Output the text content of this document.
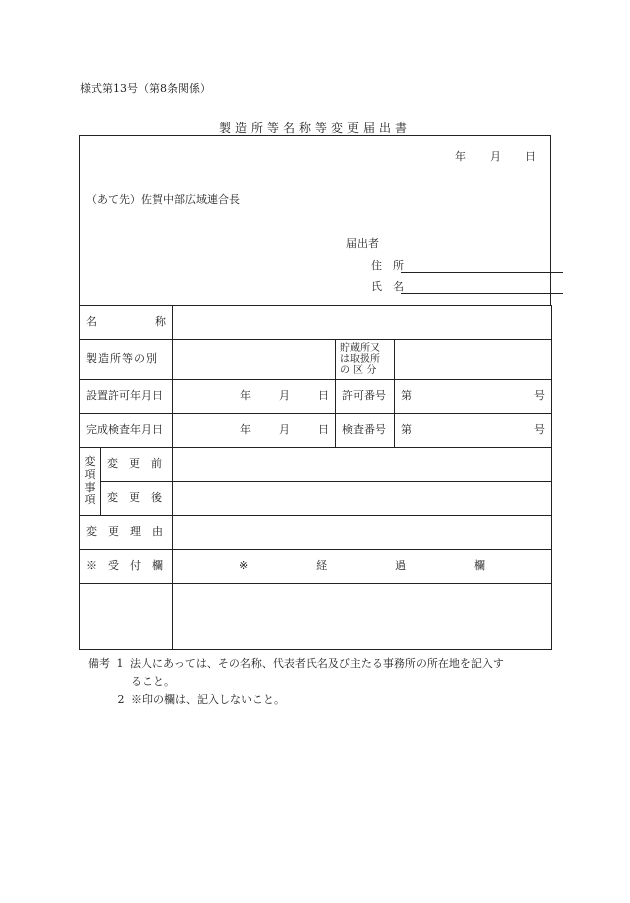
様式第13号（第8条関係）
製造所等名称等変更届出書
年 月 日
（あて先）佐賀中部広域連合長
届出者
住　所
氏　名
名 称				

製造所等の別			貯蔵所又
は取扱所
の 区 分	

設置許可年月日		年 月 日	許可番号	第 号

完成検査年月日		年 月 日	検査番号	第 号

変
項
事
項	変　更　前			
	変　更　後			
変　更　理　由				
※　受　付　欄		※ 経 過 欄		

備考 1 法人にあっては、その名称、代表者氏名及び主たる事務所の所在地を記入す
ること。
2 ※印の欄は、記入しないこと。
